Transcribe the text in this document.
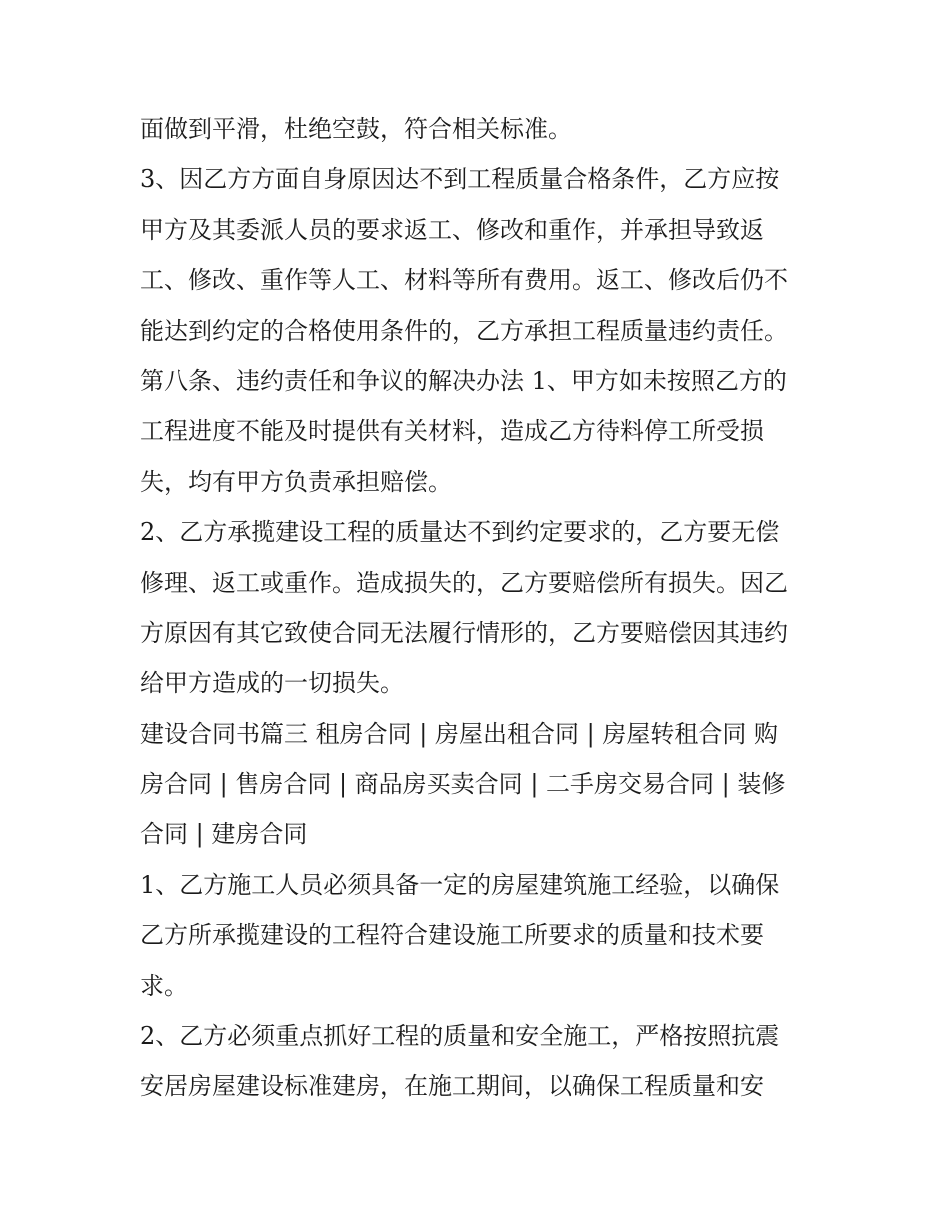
面做到平滑，杜绝空鼓，符合相关标准。
3、因乙方方面自身原因达不到工程质量合格条件，乙方应按
甲方及其委派人员的要求返工、修改和重作，并承担导致返
工、修改、重作等人工、材料等所有费用。返工、修改后仍不
能达到约定的合格使用条件的，乙方承担工程质量违约责任。
第八条、违约责任和争议的解决办法 1、甲方如未按照乙方的
工程进度不能及时提供有关材料，造成乙方待料停工所受损
失，均有甲方负责承担赔偿。
2、乙方承揽建设工程的质量达不到约定要求的，乙方要无偿
修理、返工或重作。造成损失的，乙方要赔偿所有损失。因乙
方原因有其它致使合同无法履行情形的，乙方要赔偿因其违约
给甲方造成的一切损失。
建设合同书篇三 租房合同 | 房屋出租合同 | 房屋转租合同 购
房合同 | 售房合同 | 商品房买卖合同 | 二手房交易合同 | 装修
合同 | 建房合同
1、乙方施工人员必须具备一定的房屋建筑施工经验，以确保
乙方所承揽建设的工程符合建设施工所要求的质量和技术要
求。
2、乙方必须重点抓好工程的质量和安全施工，严格按照抗震
安居房屋建设标准建房，在施工期间，以确保工程质量和安
